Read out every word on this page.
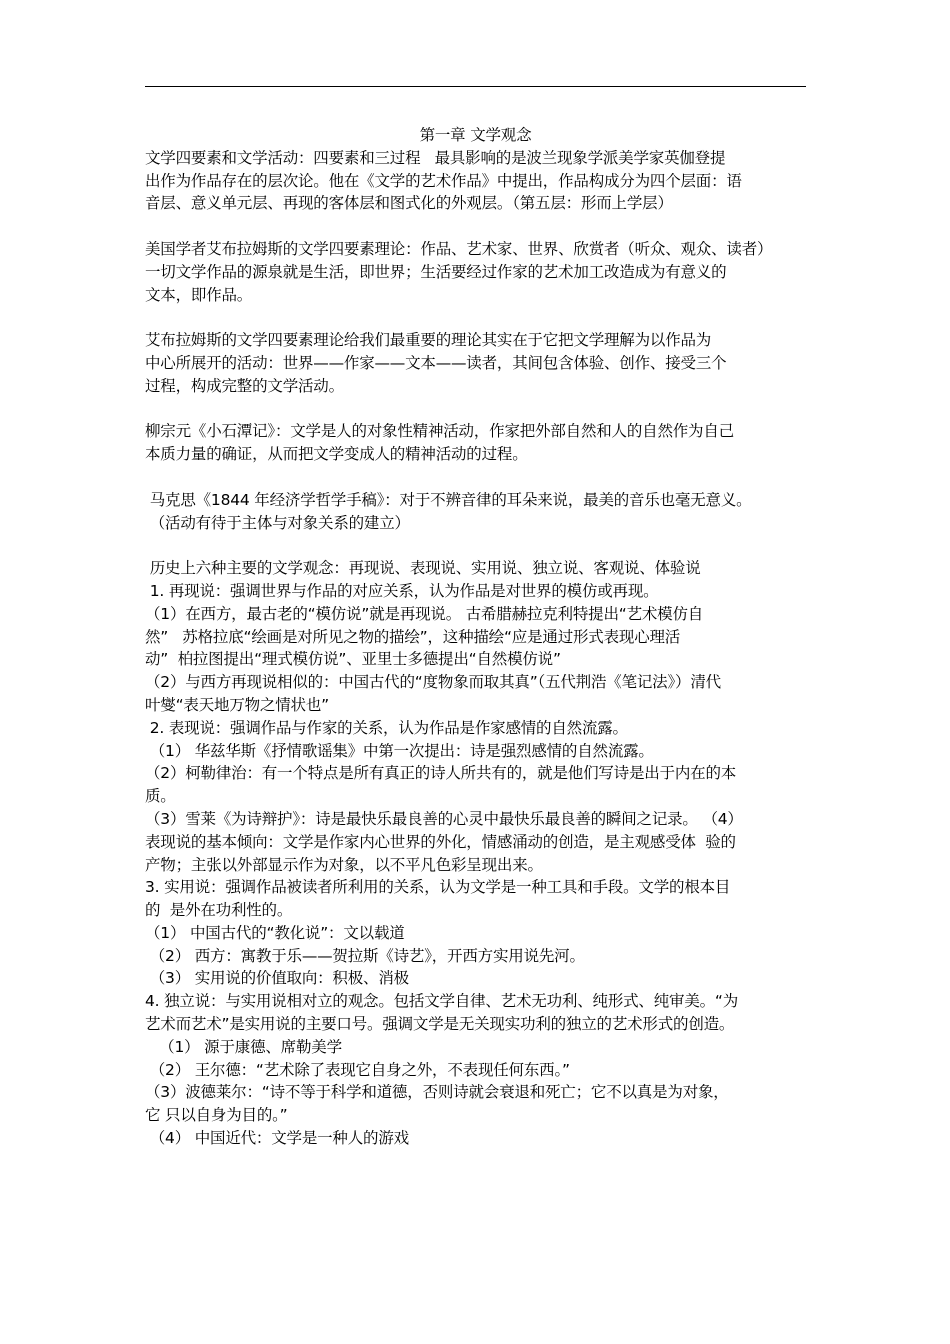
第一章 文学观念
文学四要素和文学活动：四要素和三过程   最具影响的是波兰现象学派美学家英伽登提
出作为作品存在的层次论。他在《文学的艺术作品》中提出，作品构成分为四个层面：语
音层、意义单元层、再现的客体层和图式化的外观层。（第五层：形而上学层）
美国学者艾布拉姆斯的文学四要素理论：作品、艺术家、世界、欣赏者（听众、观众、读者）
一切文学作品的源泉就是生活，即世界；生活要经过作家的艺术加工改造成为有意义的
文本，即作品。
艾布拉姆斯的文学四要素理论给我们最重要的理论其实在于它把文学理解为以作品为
中心所展开的活动：世界——作家——文本——读者，其间包含体验、创作、接受三个
过程，构成完整的文学活动。
柳宗元《小石潭记》：文学是人的对象性精神活动，作家把外部自然和人的自然作为自己
本质力量的确证，从而把文学变成人的精神活动的过程。
马克思《1844 年经济学哲学手稿》：对于不辨音律的耳朵来说，最美的音乐也毫无意义。
（活动有待于主体与对象关系的建立）
历史上六种主要的文学观念：再现说、表现说、实用说、独立说、客观说、体验说
1. 再现说：强调世界与作品的对应关系，认为作品是对世界的模仿或再现。
（1）在西方，最古老的“模仿说”就是再现说。 古希腊赫拉克利特提出“艺术模仿自
然”   苏格拉底“绘画是对所见之物的描绘”，这种描绘“应是通过形式表现心理活
动”  柏拉图提出“理式模仿说”、亚里士多德提出“自然模仿说”
（2）与西方再现说相似的：中国古代的“度物象而取其真”（五代荆浩《笔记法》）清代
叶燮“表天地万物之情状也”
2. 表现说：强调作品与作家的关系，认为作品是作家感情的自然流露。
（1） 华兹华斯《抒情歌谣集》中第一次提出：诗是强烈感情的自然流露。
（2）柯勒律治：有一个特点是所有真正的诗人所共有的，就是他们写诗是出于内在的本
质。
（3）雪莱《为诗辩护》：诗是最快乐最良善的心灵中最快乐最良善的瞬间之记录。 （4）
表现说的基本倾向：文学是作家内心世界的外化，情感涌动的创造，是主观感受体  验的
产物；主张以外部显示作为对象，以不平凡色彩呈现出来。
3. 实用说：强调作品被读者所利用的关系，认为文学是一种工具和手段。文学的根本目
的  是外在功利性的。
（1） 中国古代的“教化说”：文以载道
（2） 西方：寓教于乐——贺拉斯《诗艺》，开西方实用说先河。
（3） 实用说的价值取向：积极、消极
4. 独立说：与实用说相对立的观念。包括文学自律、艺术无功利、纯形式、纯审美。“为
艺术而艺术”是实用说的主要口号。强调文学是无关现实功利的独立的艺术形式的创造。
（1） 源于康德、席勒美学
（2） 王尔德：“艺术除了表现它自身之外，不表现任何东西。”
（3）波德莱尔：“诗不等于科学和道德，否则诗就会衰退和死亡；它不以真是为对象，
它 只以自身为目的。”
（4） 中国近代：文学是一种人的游戏
